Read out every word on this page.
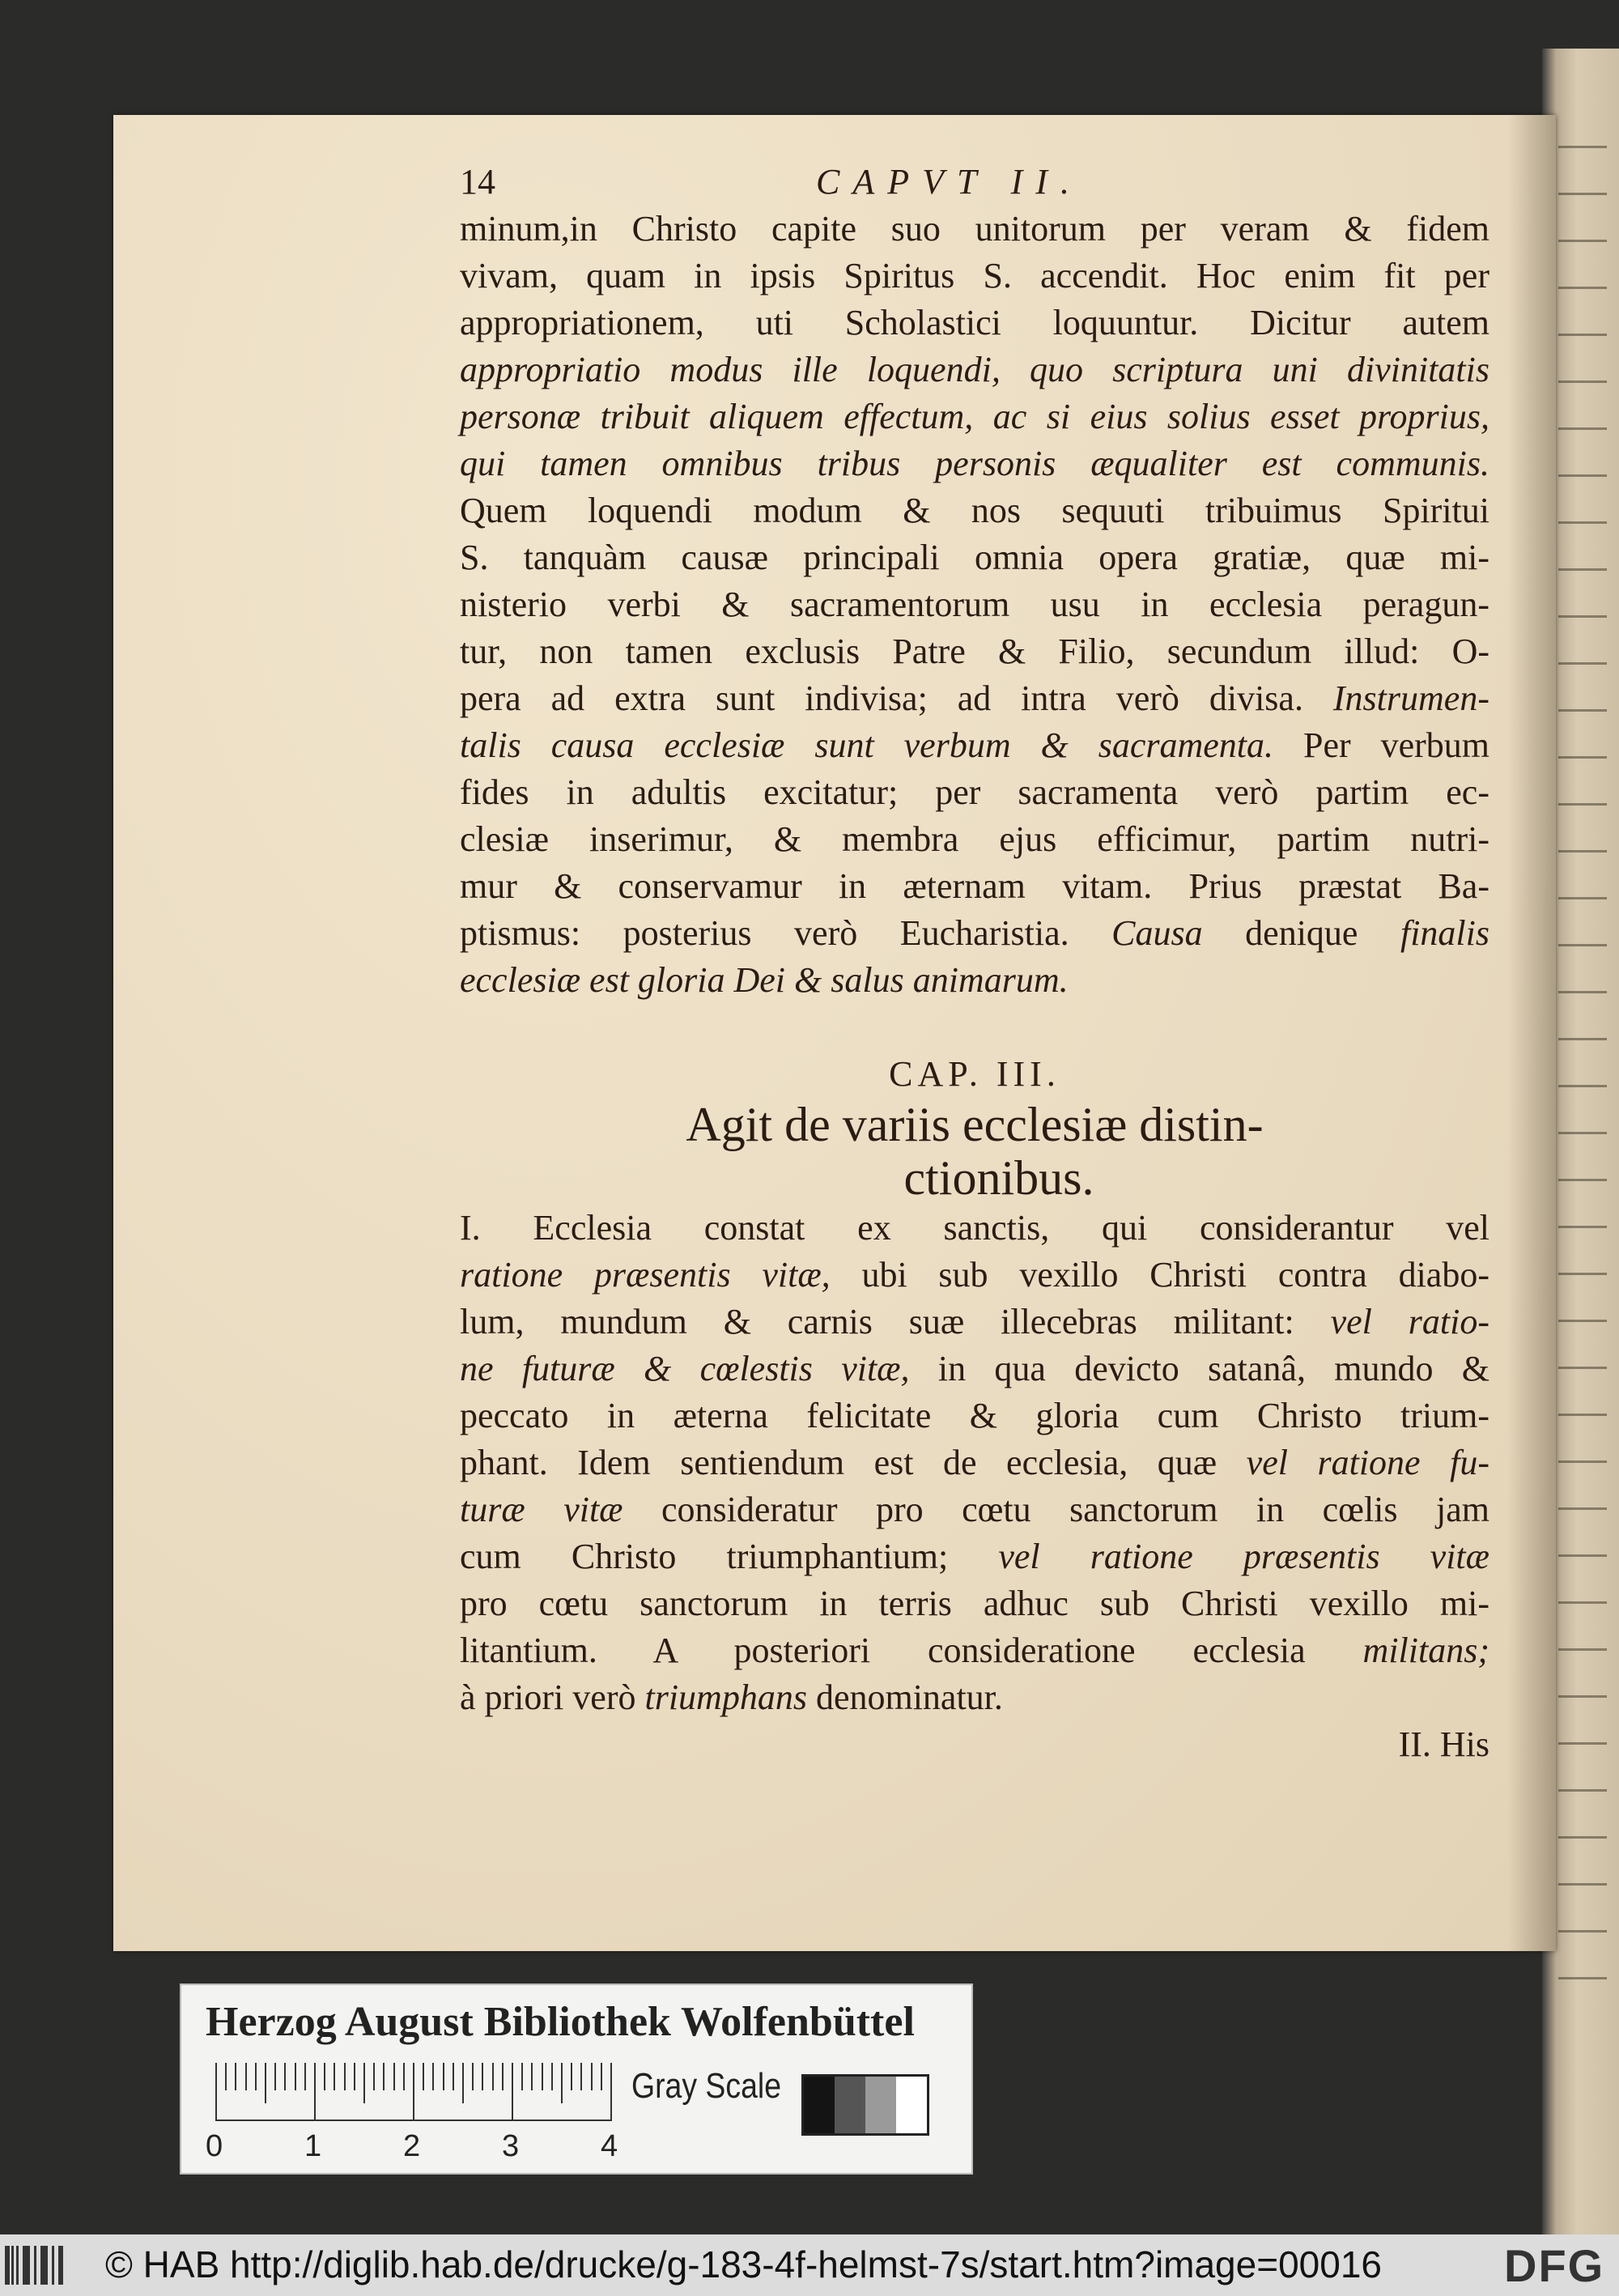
14	CAPVT II.
minum,in Christo capite suo unitorum per veram & fidem
vivam, quam in ipsis Spiritus S. accendit. Hoc enim fit per
appropriationem, uti Scholastici loquuntur. Dicitur autem
appropriatio modus ille loquendi, quo scriptura uni divinitatis
personæ tribuit aliquem effectum, ac si eius solius esset proprius,
qui tamen omnibus tribus personis æqualiter est communis.
Quem loquendi modum & nos sequuti tribuimus Spiritui
S. tanquàm causæ principali omnia opera gratiæ, quæ mi-
nisterio verbi & sacramentorum usu in ecclesia peragun-
tur, non tamen exclusis Patre & Filio, secundum illud: O-
pera ad extra sunt indivisa; ad intra verò divisa. Instrumen-
talis causa ecclesiæ sunt verbum & sacramenta. Per verbum
fides in adultis excitatur; per sacramenta verò partim ec-
clesiæ inserimur, & membra ejus efficimur, partim nutri-
mur & conservamur in æternam vitam. Prius præstat Ba-
ptismus: posterius verò Eucharistia. Causa denique finalis
ecclesiæ est gloria Dei & salus animarum.
CAP. III.
Agit de variis ecclesiæ distin-
ctionibus.
I. Ecclesia constat ex sanctis, qui considerantur vel
ratione præsentis vitæ, ubi sub vexillo Christi contra diabo-
lum, mundum & carnis suæ illecebras militant: vel ratio-
ne futuræ & cœlestis vitæ, in qua devicto satanâ, mundo &
peccato in æterna felicitate & gloria cum Christo trium-
phant. Idem sentiendum est de ecclesia, quæ vel ratione fu-
turæ vitæ consideratur pro cœtu sanctorum in cœlis jam
cum Christo triumphantium; vel ratione præsentis vitæ
pro cœtu sanctorum in terris adhuc sub Christi vexillo mi-
litantium. A posteriori consideratione ecclesia militans;
à priori verò triumphans denominatur.
II. His
Herzog August Bibliothek Wolfenbüttel
0	1	2	3	4
Gray Scale
© HAB http://diglib.hab.de/drucke/g-183-4f-helmst-7s/start.htm?image=00016	DFG
